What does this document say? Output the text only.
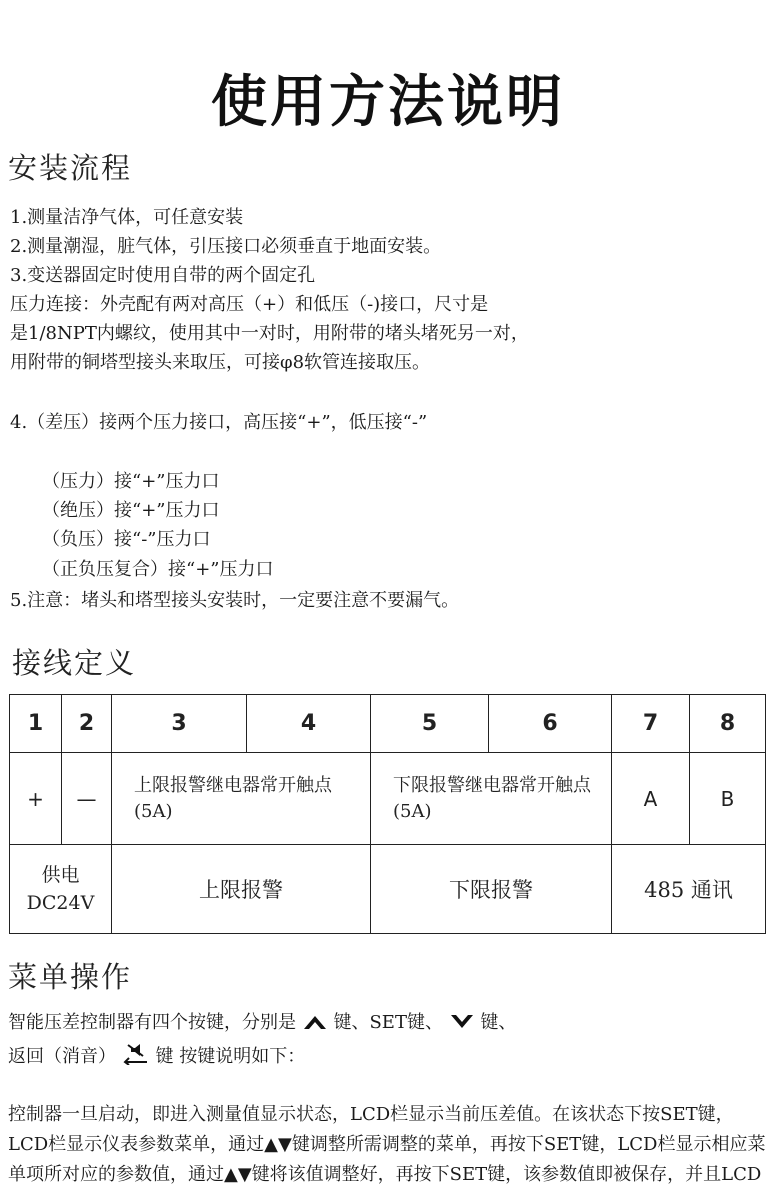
使用方法说明
安装流程
1.测量洁净气体，可任意安装
2.测量潮湿，脏气体，引压接口必须垂直于地面安装。
3.变送器固定时使用自带的两个固定孔
压力连接：外壳配有两对高压（+）和低压（-)接口，尺寸是
是1/8NPT内螺纹，使用其中一对时，用附带的堵头堵死另一对，
用附带的铜塔型接头来取压，可接φ8软管连接取压。
4.（差压）接两个压力接口，高压接“+”，低压接“-”
（压力）接“+”压力口
（绝压）接“+”压力口
（负压）接“-”压力口
（正负压复合）接“+”压力口
5.注意：堵头和塔型接头安装时，一定要注意不要漏气。
接线定义
1	2	3	4	5	6	7	8
+	—	上限报警继电器常开触点(5A)		下限报警继电器常开触点(5A)		A	B

供电
DC24V		上限报警		下限报警		485 通讯	
菜单操作
智能压差控制器有四个按键，分别是 键、SET键、 键、
返回（消音） 键 按键说明如下：
控制器一旦启动，即进入测量值显示状态，LCD栏显示当前压差值。在该状态下按SET键，LCD栏显示仪表参数菜单，通过▲▼键调整所需调整的菜单，再按下SET键，LCD栏显示相应菜单项所对应的参数值，通过▲▼键将该值调整好，再按下SET键，该参数值即被保存，并且LCD
